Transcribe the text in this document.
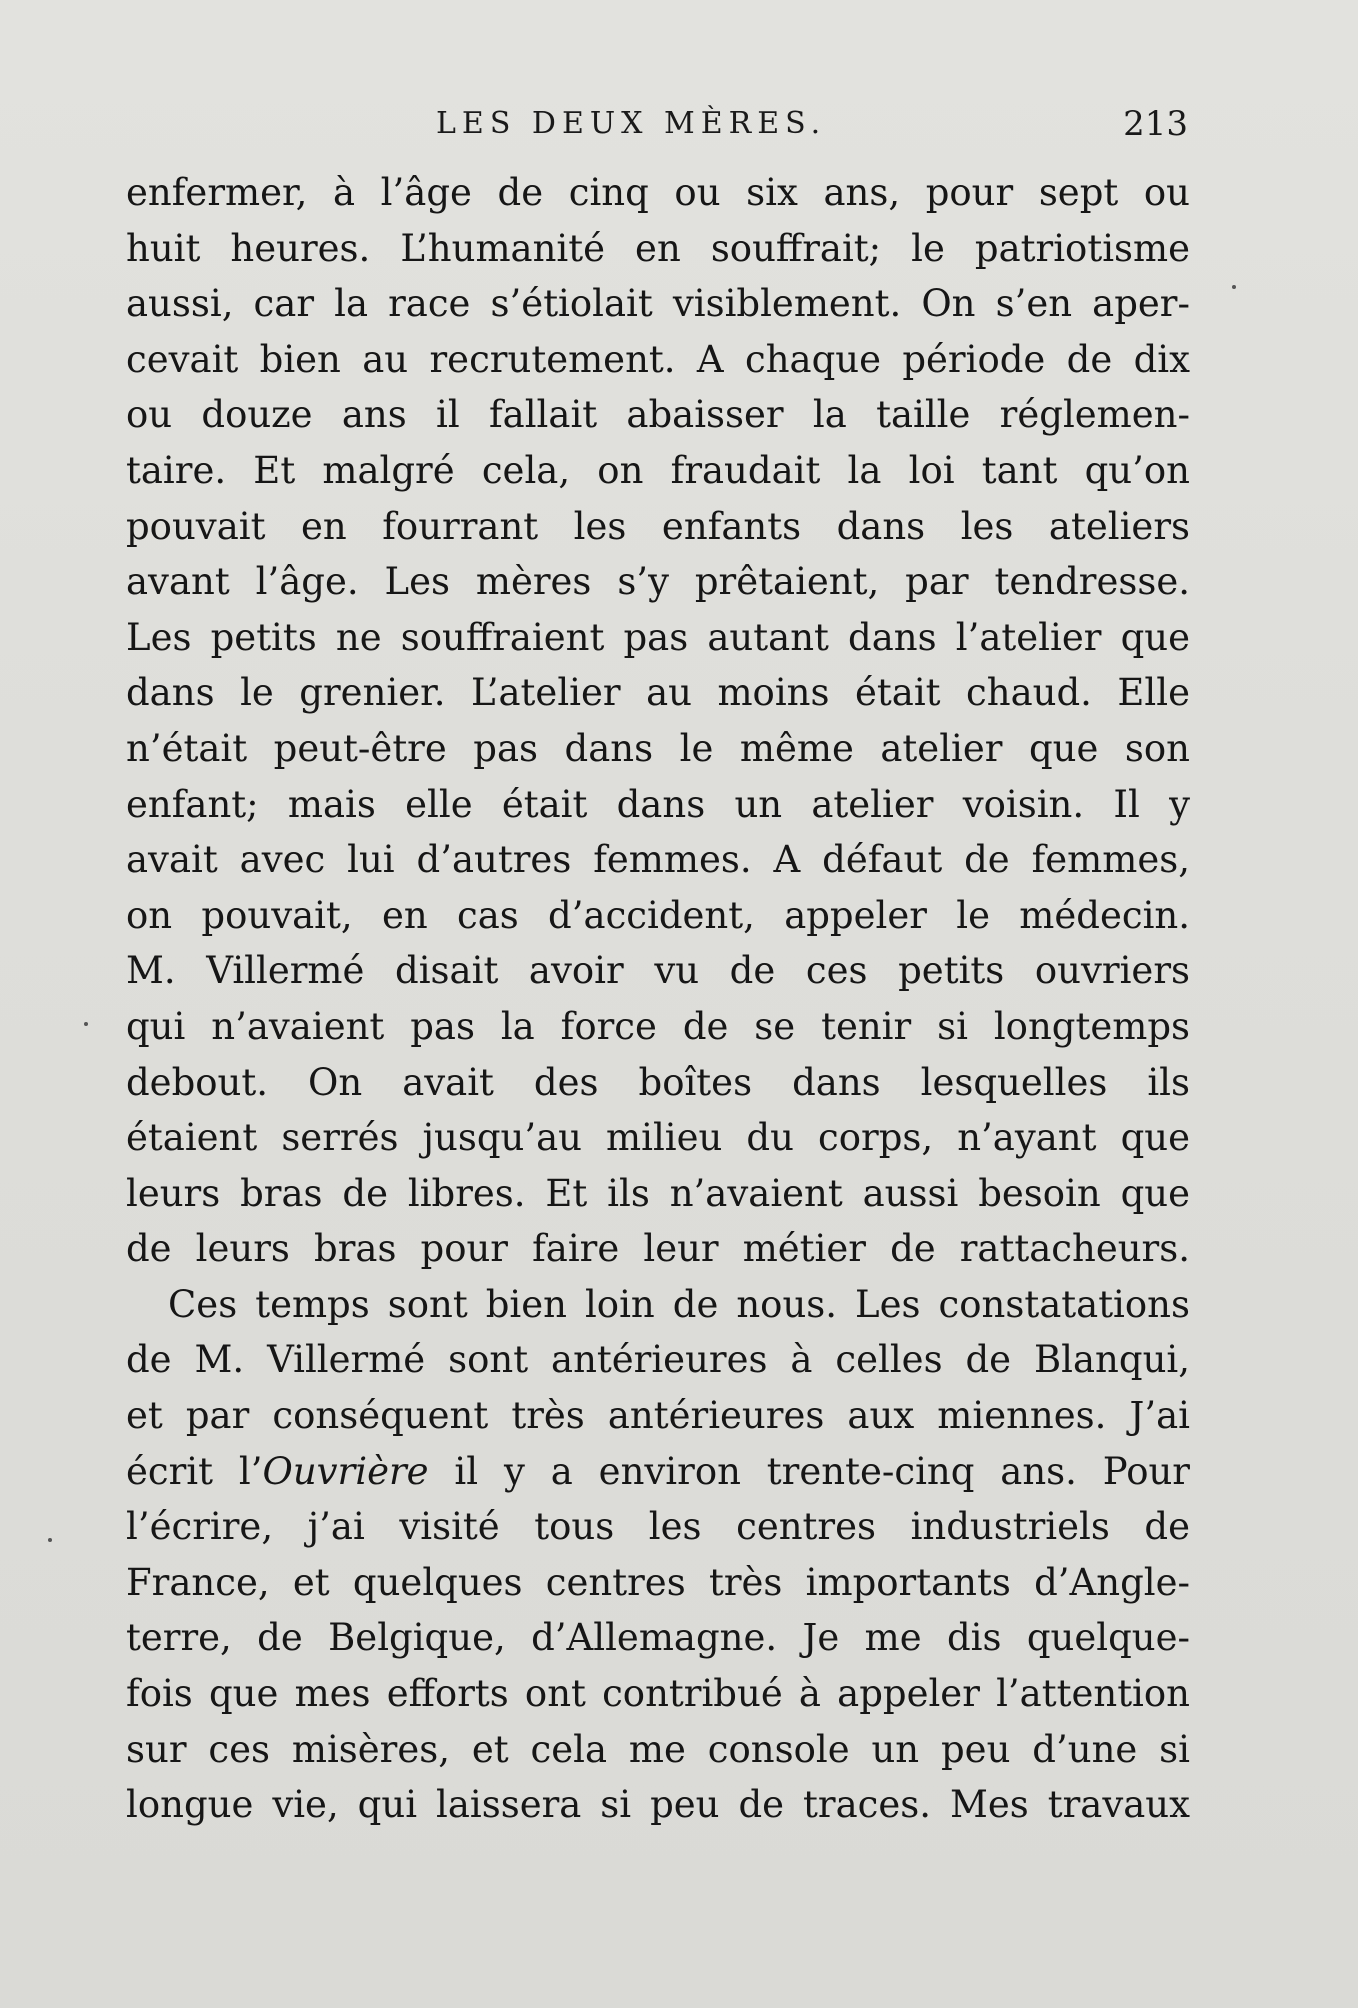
LES DEUX MÈRES.	213
enfermer, à l’âge de cinq ou six ans, pour sept ou
huit heures. L’humanité en souffrait; le patriotisme
aussi, car la race s’étiolait visiblement. On s’en aper-
cevait bien au recrutement. A chaque période de dix
ou douze ans il fallait abaisser la taille réglemen-
taire. Et malgré cela, on fraudait la loi tant qu’on
pouvait en fourrant les enfants dans les ateliers
avant l’âge. Les mères s’y prêtaient, par tendresse.
Les petits ne souffraient pas autant dans l’atelier que
dans le grenier. L’atelier au moins était chaud. Elle
n’était peut-être pas dans le même atelier que son
enfant; mais elle était dans un atelier voisin. Il y
avait avec lui d’autres femmes. A défaut de femmes,
on pouvait, en cas d’accident, appeler le médecin.
M. Villermé disait avoir vu de ces petits ouvriers
qui n’avaient pas la force de se tenir si longtemps
debout. On avait des boîtes dans lesquelles ils
étaient serrés jusqu’au milieu du corps, n’ayant que
leurs bras de libres. Et ils n’avaient aussi besoin que
de leurs bras pour faire leur métier de rattacheurs.
Ces temps sont bien loin de nous. Les constatations
de M. Villermé sont antérieures à celles de Blanqui,
et par conséquent très antérieures aux miennes. J’ai
écrit l’Ouvrière il y a environ trente-cinq ans. Pour
l’écrire, j’ai visité tous les centres industriels de
France, et quelques centres très importants d’Angle-
terre, de Belgique, d’Allemagne. Je me dis quelque-
fois que mes efforts ont contribué à appeler l’attention
sur ces misères, et cela me console un peu d’une si
longue vie, qui laissera si peu de traces. Mes travaux
